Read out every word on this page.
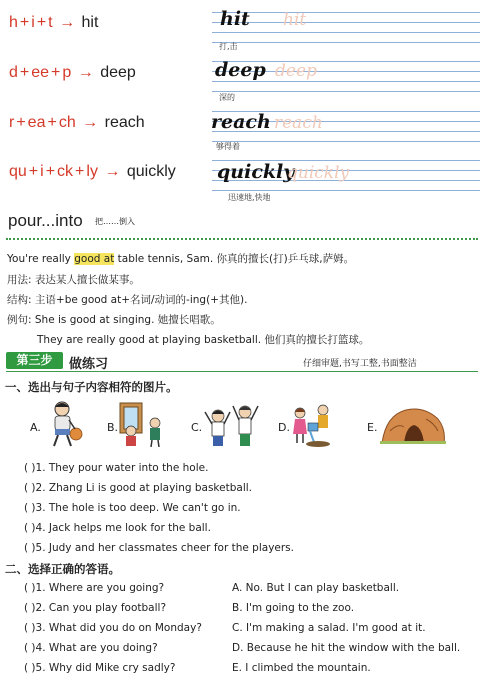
h + i + t → hit
d + ee + p → deep
r + ea + ch → reach
qu + i + ck + ly → quickly
hit hit
打,击
deep deep
深的
reach reach
够得着
quickly
quickly
迅速地,快地
pour...into 把……倒入
You're really good at table tennis, Sam. 你真的擅长(打)乒乓球,萨姆。
用法: 表达某人擅长做某事。
结构: 主语+be good at+名词/动词的-ing(+其他).
例句: She is good at singing. 她擅长唱歌。
They are really good at playing basketball. 他们真的擅长打篮球。
第三步	做练习	仔细审题,书写工整,书面整洁
一、选出与句子内容相符的图片。
A.	B.	C.	D.	E.
( )1. They pour water into the hole.
( )2. Zhang Li is good at playing basketball.
( )3. The hole is too deep. We can't go in.
( )4. Jack helps me look for the ball.
( )5. Judy and her classmates cheer for the players.
二、选择正确的答语。
( )1. Where are you going?	A. No. But I can play basketball.
( )2. Can you play football?	B. I'm going to the zoo.
( )3. What did you do on Monday?	C. I'm making a salad. I'm good at it.
( )4. What are you doing?	D. Because he hit the window with the ball.
( )5. Why did Mike cry sadly?	E. I climbed the mountain.
